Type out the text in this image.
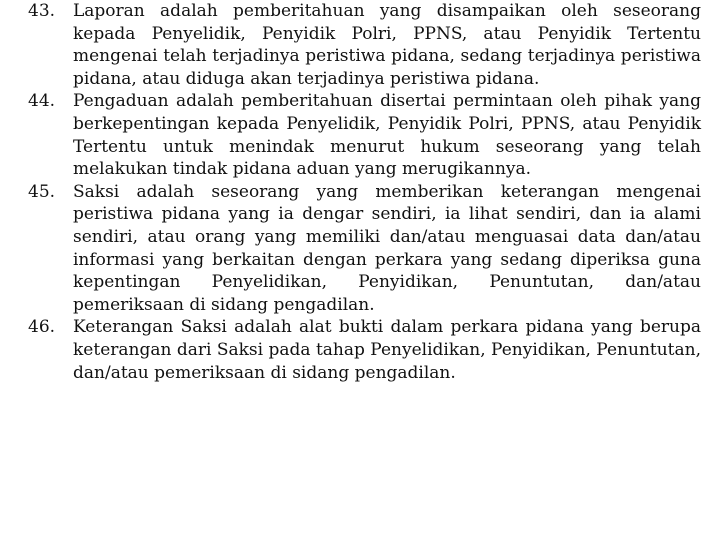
43.	Laporan adalah pemberitahuan yang disampaikan oleh seseorang kepada Penyelidik, Penyidik Polri, PPNS, atau Penyidik Tertentu mengenai telah terjadinya peristiwa pidana, sedang terjadinya peristiwa pidana, atau diduga akan terjadinya peristiwa pidana.

44.	Pengaduan adalah pemberitahuan disertai permintaan oleh pihak yang berkepentingan kepada Penyelidik, Penyidik Polri, PPNS, atau Penyidik Tertentu untuk menindak menurut hukum seseorang yang telah melakukan tindak pidana aduan yang merugikannya.

45.	Saksi adalah seseorang yang memberikan keterangan mengenai peristiwa pidana yang ia dengar sendiri, ia lihat sendiri, dan ia alami sendiri, atau orang yang memiliki dan/atau menguasai data dan/atau informasi yang berkaitan dengan perkara yang sedang diperiksa guna kepentingan Penyelidikan, Penyidikan, Penuntutan, dan/atau pemeriksaan di sidang pengadilan.

46.	Keterangan Saksi adalah alat bukti dalam perkara pidana yang berupa keterangan dari Saksi pada tahap Penyelidikan, Penyidikan, Penuntutan, dan/atau pemeriksaan di sidang pengadilan.
